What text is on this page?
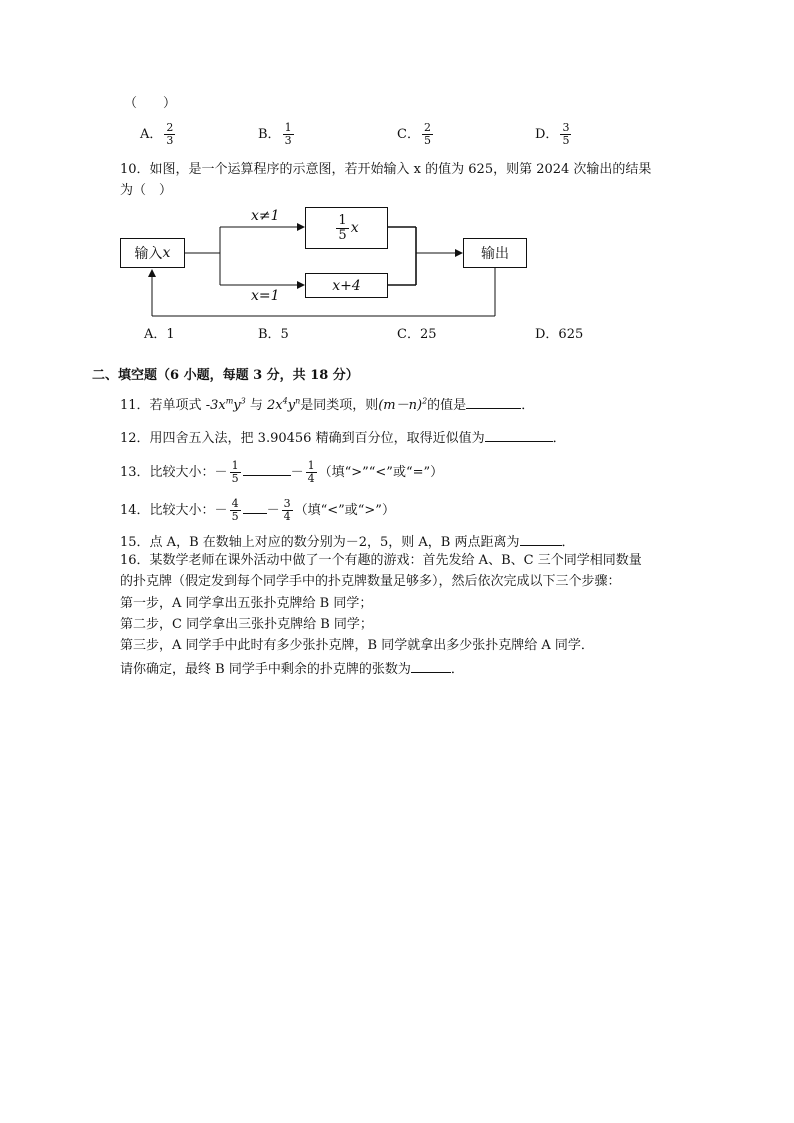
（　　）
A． $\frac{2}{3}$	B． $\frac{1}{3}$	C． $\frac{2}{5}$	D． $\frac{3}{5}$
10．如图，是一个运算程序的示意图，若开始输入 x 的值为 625，则第 2024 次输出的结果
为（　）
输入 x
x≠1
x=1
$\frac{1}{5}$ x
x+4
输出
A．1	B．5	C．25	D．625
二、填空题（6 小题，每题 3 分，共 18 分）
11．若单项式 $-3x^my^3$ 与 $2x^4y^n$是同类项，则$(m-n)^2$的值是	．
12．用四舍五入法，把 3.90456 精确到百分位，取得近似值为	．
13．比较大小：－ $\frac{1}{5}$	－ $\frac{1}{4}$ （填“>”“<”或“=”）
14．比较大小：－ $\frac{4}{5} - \frac{3}{4}$ （填“<”或“>”）
15．点 A，B 在数轴上对应的数分别为－2，5，则 A，B 两点距离为	．
16．某数学老师在课外活动中做了一个有趣的游戏：首先发给 A、B、C 三个同学相同数量
的扑克牌（假定发到每个同学手中的扑克牌数量足够多），然后依次完成以下三个步骤：
第一步，A 同学拿出五张扑克牌给 B 同学；
第二步，C 同学拿出三张扑克牌给 B 同学；
第三步，A 同学手中此时有多少张扑克牌，B 同学就拿出多少张扑克牌给 A 同学．
请你确定，最终 B 同学手中剩余的扑克牌的张数为	．
